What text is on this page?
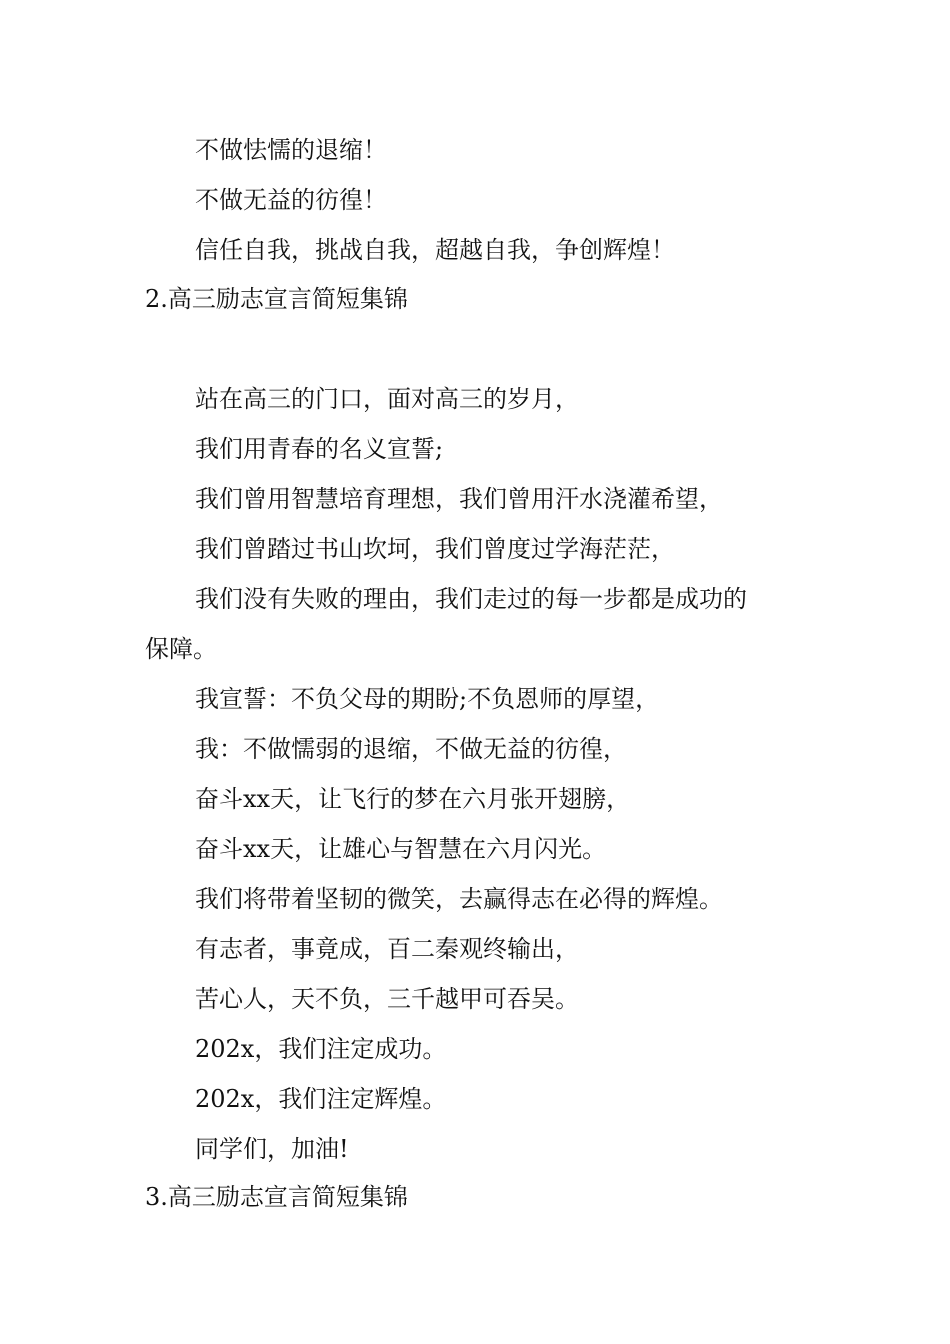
不做怯懦的退缩！
不做无益的彷徨！
信任自我，挑战自我，超越自我，争创辉煌！
2.高三励志宣言简短集锦
站在高三的门口，面对高三的岁月，
我们用青春的名义宣誓;
我们曾用智慧培育理想，我们曾用汗水浇灌希望，
我们曾踏过书山坎坷，我们曾度过学海茫茫，
我们没有失败的理由，我们走过的每一步都是成功的
保障。
我宣誓：不负父母的期盼;不负恩师的厚望，
我：不做懦弱的退缩，不做无益的彷徨，
奋斗xx天，让飞行的梦在六月张开翅膀，
奋斗xx天，让雄心与智慧在六月闪光。
我们将带着坚韧的微笑，去赢得志在必得的辉煌。
有志者，事竟成，百二秦观终输出，
苦心人，天不负，三千越甲可吞吴。
202x，我们注定成功。
202x，我们注定辉煌。
同学们，加油!
3.高三励志宣言简短集锦
